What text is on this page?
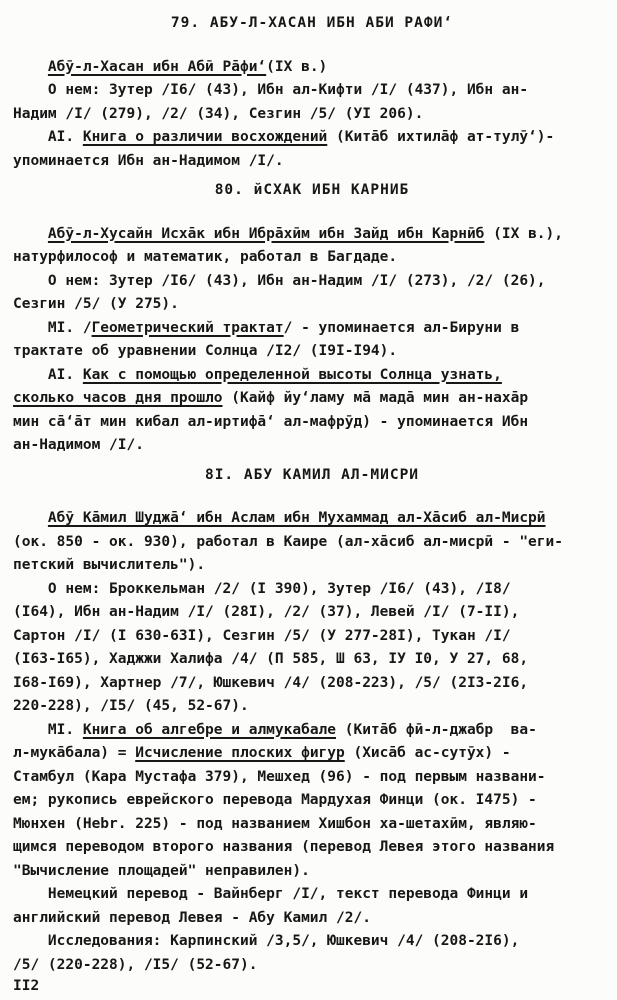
79. АБУ-Л-ХАСАН ИБН АБИ РАФИ‘
Абӯ-л-Хасан ибн Абӣ Рāфи‘(IX в.)
О нем: Зутер /I6/ (43), Ибн ал-Кифти /I/ (437), Ибн ан-
Надим /I/ (279), /2/ (34), Сезгин /5/ (УI 206).
АI. Книга о различии восхождений (Китāб ихтилāф ат-тулӯ‘)-
упоминается Ибн ан-Надимом /I/.
80. йСХАК ИБН КАРНИБ
Абӯ-л-Хусайн Исхāк ибн Ибрāхӣм ибн Зайд ибн Карнӣб (IX в.),
натурфилософ и математик, работал в Багдаде.
О нем: Зутер /I6/ (43), Ибн ан-Надим /I/ (273), /2/ (26),
Сезгин /5/ (У 275).
МI. /Геометрический трактат/ - упоминается ал-Бируни в
трактате об уравнении Солнца /I2/ (I9I-I94).
АI. Как с помощью определенной высоты Солнца узнать,
сколько часов дня прошло (Кайф йу‘ламу мā мадā мин ан-нахāр
мин сā‘āт мин кибал ал-иртифā‘ ал-мафрӯд) - упоминается Ибн
ан-Надимом /I/.
8I. АБУ КАМИЛ АЛ-МИСРИ
Абӯ Кāмил Шуджā‘ ибн Аслам ибн Мухаммад ал-Хāсиб ал-Мисрӣ
(ок. 850 - ок. 930), работал в Каире (ал-хāсиб ал-мисрӣ - "еги-
петский вычислитель").
О нем: Броккельман /2/ (I 390), Зутер /I6/ (43), /I8/
(I64), Ибн ан-Надим /I/ (28I), /2/ (37), Левей /I/ (7-II),
Сартон /I/ (I 630-63I), Сезгин /5/ (У 277-28I), Тукан /I/
(I63-I65), Хаджжи Халифа /4/ (П 585, Ш 63, IУ I0, У 27, 68,
I68-I69), Хартнер /7/, Юшкевич /4/ (208-223), /5/ (2I3-2I6,
220-228), /I5/ (45, 52-67).
МI. Книга об алгебре и алмукабале (Китāб фӣ-л-джабр  ва-
л-мукāбала) = Исчисление плоских фигур (Хисāб ас-сутӯх) -
Стамбул (Кара Мустафа 379), Мешхед (96) - под первым названи-
ем; рукопись еврейского перевода Мардухая Финци (ок. I475) -
Мюнхен (Hebr. 225) - под названием Хишбон ха-шетахӣм, являю-
щимся переводом второго названия (перевод Левея этого названия
"Вычисление площадей" неправилен).
Немецкий перевод - Вайнберг /I/, текст перевода Финци и
английский перевод Левея - Абу Камил /2/.
Исследования: Карпинский /3,5/, Юшкевич /4/ (208-2I6),
/5/ (220-228), /I5/ (52-67).
II2
